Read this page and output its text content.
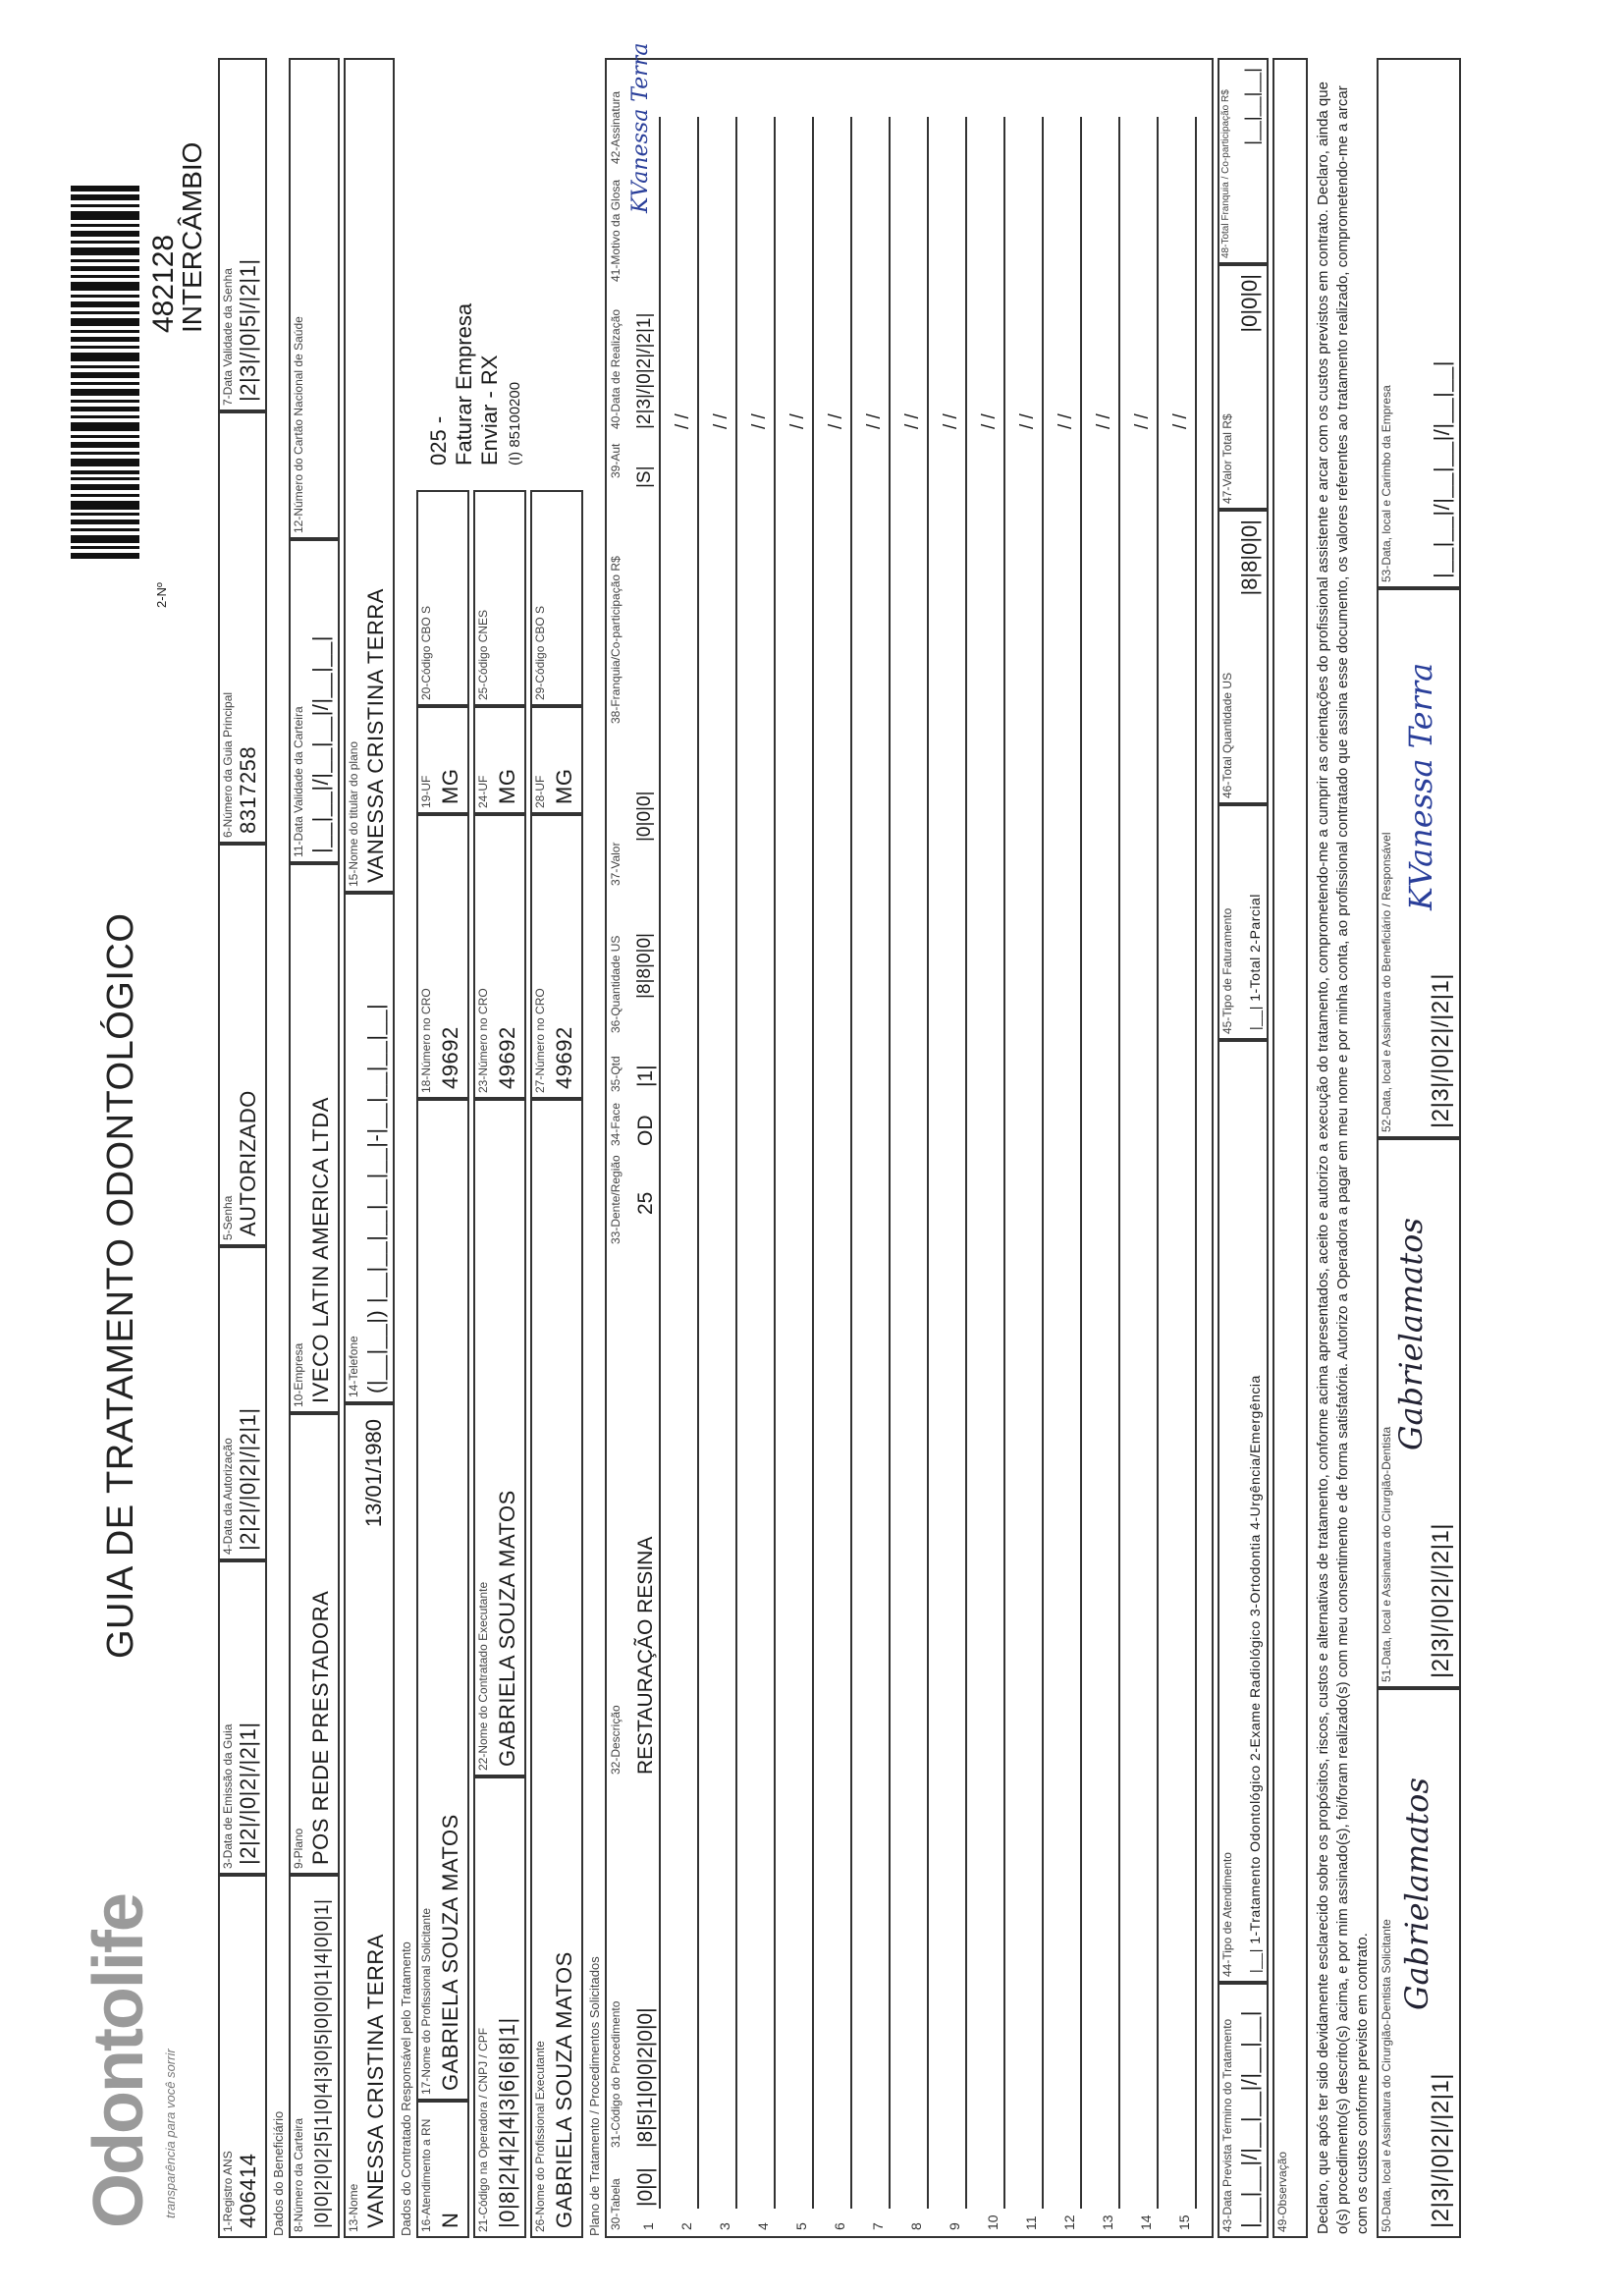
Odontolife transparência para você sorrir
GUIA DE TRATAMENTO ODONTOLÓGICO
2-Nº
482128
INTERCÂMBIO
1-Registro ANS 406414
3-Data de Emissão da Guia |2|2|/|0|2|/|2|1|
4-Data da Autorização |2|2|/|0|2|/|2|1|
5-Senha AUTORIZADO
6-Número da Guia Principal 8317258
7-Data Validade da Senha |2|3|/|0|5|/|2|1|
Dados do Beneficiário 8-Número da Carteira |0|0|2|0|2|5|1|0|4|3|0|5|0|0|0|1|4|0|0|1|
9-Plano POS REDE PRESTADORA
10-Empresa IVECO LATIN AMERICA LTDA
11-Data Validade da Carteira |__|__|/|__|__|/|__|__|
12-Número do Cartão Nacional de Saúde
13-Nome VANESSA CRISTINA TERRA
13/01/1980
14-Telefone (|__|__|) |__|__|__|__|__|-|__|__|__|__|
15-Nome do titular do plano VANESSA CRISTINA TERRA
Dados do Contratado Responsável pelo Tratamento 16-Atendimento a RN N
17-Nome do Profissional Solicitante GABRIELA SOUZA MATOS
18-Número no CRO 49692
19-UF MG
20-Código CBO S
21-Código na Operadora / CNPJ / CPF |0|8|2|4|2|4|3|6|6|8|1|
22-Nome do Contratado Executante GABRIELA SOUZA MATOS
23-Número no CRO 49692
24-UF MG
25-Código CNES
26-Nome do Profissional Executante GABRIELA SOUZA MATOS
27-Número no CRO 49692
28-UF MG
29-Código CBO S
025 - Faturar Empresa Enviar - RX (I) 85100200
Plano de Tratamento / Procedimentos Solicitados 30-Tabela
31-Código do Procedimento
32-Descrição
33-Dente/Região
34-Face
35-Qtd
36-Quantidade US
37-Valor
38-Franquia/Co-participação R$
39-Aut
40-Data de Realização
41-Motivo da Glosa
42-Assinatura
1
|0|0|
|8|5|1|0|0|2|0|0|
RESTAURAÇÃO RESINA
25
OD
|1|
|8|8|0|0|
|0|0|0|
|S|
|2|3|/|0|2|/|2|1|
KVanessa Terra
2
/ /
3
/ /
4
/ /
5
/ /
6
/ /
7
/ /
8
/ /
9
/ /
10
/ /
11
/ /
12
/ /
13
/ /
14
/ /
15
/ /
43-Data Prevista Término do Tratamento |__|__|/|__|__|/|__|__|
44-Tipo de Atendimento |__| 1-Tratamento Odontológico 2-Exame Radiológico 3-Ortodontia 4-Urgência/Emergência
45-Tipo de Faturamento |__| 1-Total 2-Parcial
46-Total Quantidade US
|8|8|0|0|
47-Valor Total R$
|0|0|0|
48-Total Franquia / Co-participação R$ |__|__|__|
49-Observação Declaro, que após ter sido devidamente esclarecido sobre os propósitos, riscos, custos e alternativas de tratamento, conforme acima apresentados, aceito e autorizo a execução do tratamento, comprometendo-me a cumprir as orientações do profissional assistente e arcar com os custos previstos em contrato. Declaro, ainda que o(s) procedimento(s) descrito(s) acima, e por mim assinado(s), foi/foram realizado(s) com meu consentimento e de forma satisfatória. Autorizo a Operadora a pagar em meu nome e por minha conta, ao profissional contratado que assina esse documento, os valores referentes ao tratamento realizado, comprometendo-me a arcar com os custos conforme previsto em contrato. 50-Data, local e Assinatura do Cirurgião-Dentista Solicitante |2|3|/|0|2|/|2|1|
Gabrielamatos
51-Data, local e Assinatura do Cirurgião-Dentista |2|3|/|0|2|/|2|1|
Gabrielamatos
52-Data, local e Assinatura do Beneficiário / Responsável |2|3|/|0|2|/|2|1|
KVanessa Terra
53-Data, local e Carimbo da Empresa |__|__|/|__|__|/|__|__|
